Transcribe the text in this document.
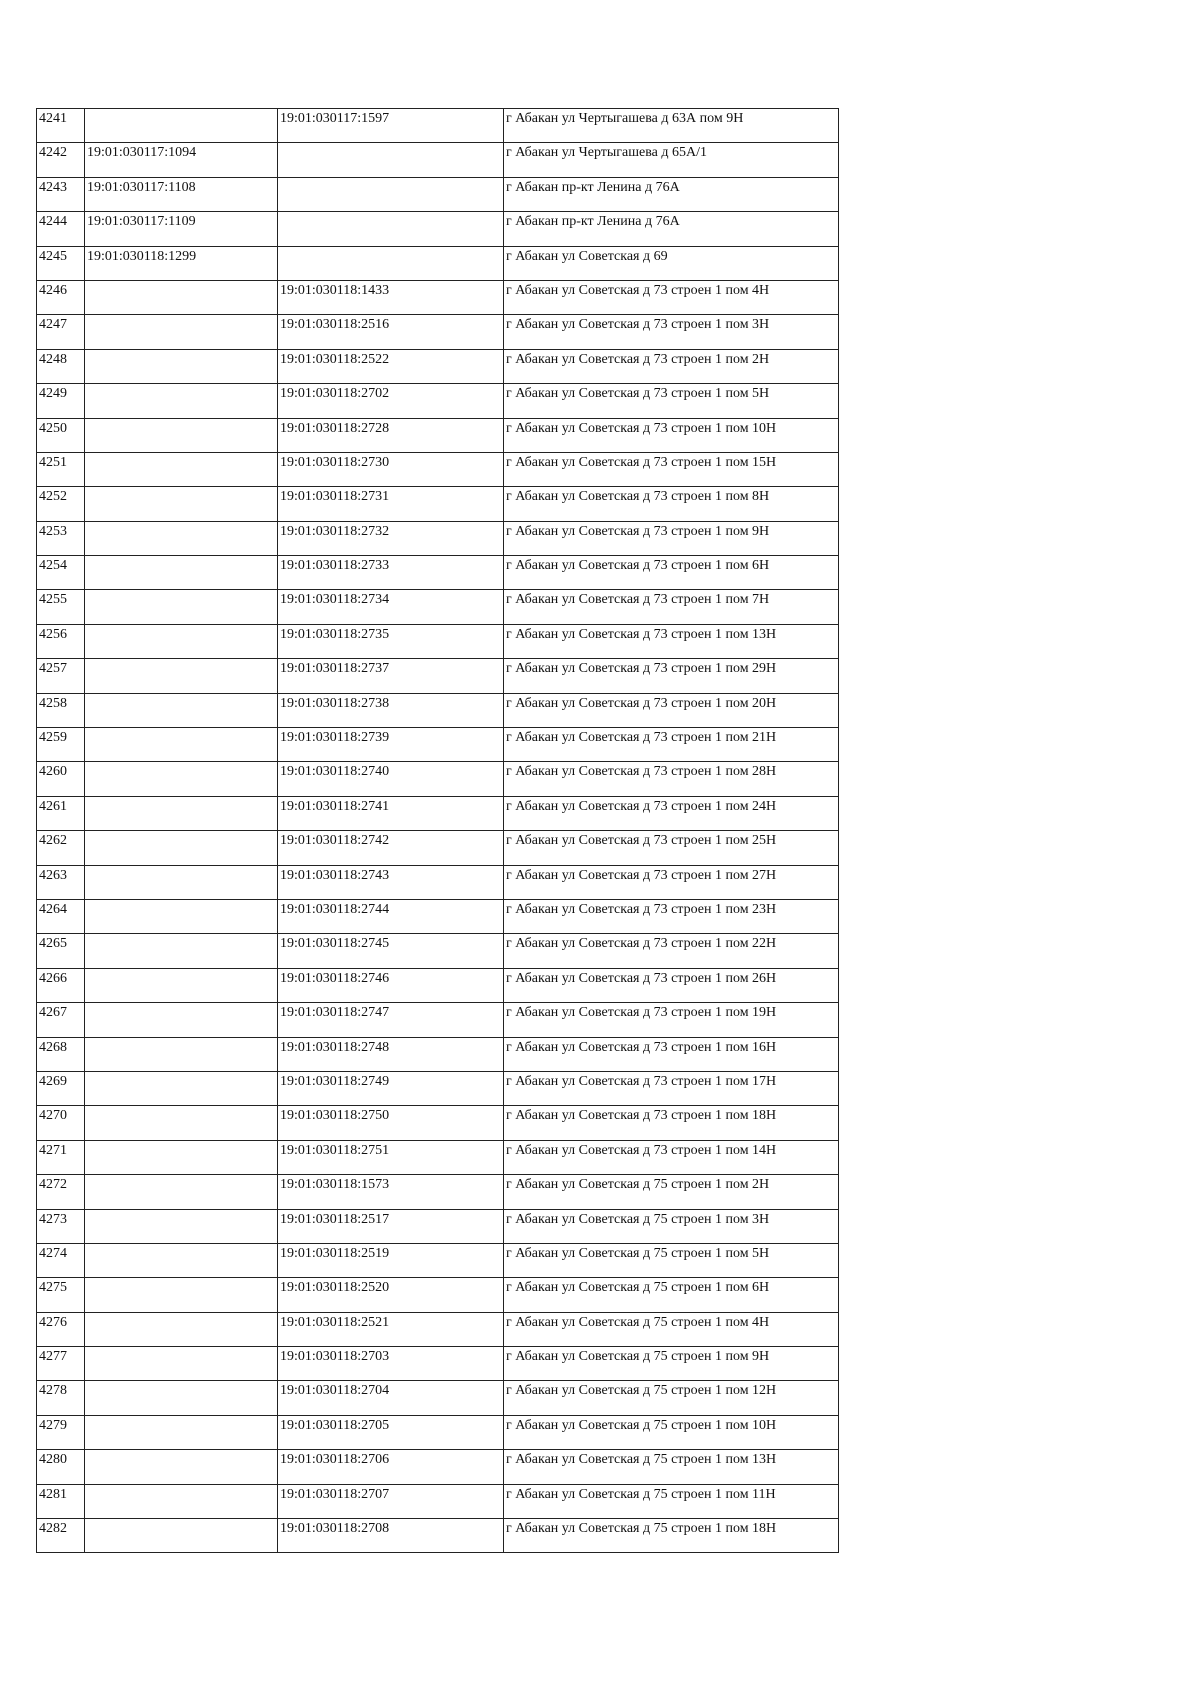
4241		19:01:030117:1597	г Абакан ул Чертыгашева д 63А пом 9Н
4242	19:01:030117:1094		г Абакан ул Чертыгашева д 65А/1
4243	19:01:030117:1108		г Абакан пр-кт Ленина д 76А
4244	19:01:030117:1109		г Абакан пр-кт Ленина д 76А
4245	19:01:030118:1299		г Абакан ул Советская д 69
4246		19:01:030118:1433	г Абакан ул Советская д 73 строен 1 пом 4Н
4247		19:01:030118:2516	г Абакан ул Советская д 73 строен 1 пом 3Н
4248		19:01:030118:2522	г Абакан ул Советская д 73 строен 1 пом 2Н
4249		19:01:030118:2702	г Абакан ул Советская д 73 строен 1 пом 5Н
4250		19:01:030118:2728	г Абакан ул Советская д 73 строен 1 пом 10Н
4251		19:01:030118:2730	г Абакан ул Советская д 73 строен 1 пом 15Н
4252		19:01:030118:2731	г Абакан ул Советская д 73 строен 1 пом 8Н
4253		19:01:030118:2732	г Абакан ул Советская д 73 строен 1 пом 9Н
4254		19:01:030118:2733	г Абакан ул Советская д 73 строен 1 пом 6Н
4255		19:01:030118:2734	г Абакан ул Советская д 73 строен 1 пом 7Н
4256		19:01:030118:2735	г Абакан ул Советская д 73 строен 1 пом 13Н
4257		19:01:030118:2737	г Абакан ул Советская д 73 строен 1 пом 29Н
4258		19:01:030118:2738	г Абакан ул Советская д 73 строен 1 пом 20Н
4259		19:01:030118:2739	г Абакан ул Советская д 73 строен 1 пом 21Н
4260		19:01:030118:2740	г Абакан ул Советская д 73 строен 1 пом 28Н
4261		19:01:030118:2741	г Абакан ул Советская д 73 строен 1 пом 24Н
4262		19:01:030118:2742	г Абакан ул Советская д 73 строен 1 пом 25Н
4263		19:01:030118:2743	г Абакан ул Советская д 73 строен 1 пом 27Н
4264		19:01:030118:2744	г Абакан ул Советская д 73 строен 1 пом 23Н
4265		19:01:030118:2745	г Абакан ул Советская д 73 строен 1 пом 22Н
4266		19:01:030118:2746	г Абакан ул Советская д 73 строен 1 пом 26Н
4267		19:01:030118:2747	г Абакан ул Советская д 73 строен 1 пом 19Н
4268		19:01:030118:2748	г Абакан ул Советская д 73 строен 1 пом 16Н
4269		19:01:030118:2749	г Абакан ул Советская д 73 строен 1 пом 17Н
4270		19:01:030118:2750	г Абакан ул Советская д 73 строен 1 пом 18Н
4271		19:01:030118:2751	г Абакан ул Советская д 73 строен 1 пом 14Н
4272		19:01:030118:1573	г Абакан ул Советская д 75 строен 1 пом 2Н
4273		19:01:030118:2517	г Абакан ул Советская д 75 строен 1 пом 3Н
4274		19:01:030118:2519	г Абакан ул Советская д 75 строен 1 пом 5Н
4275		19:01:030118:2520	г Абакан ул Советская д 75 строен 1 пом 6Н
4276		19:01:030118:2521	г Абакан ул Советская д 75 строен 1 пом 4Н
4277		19:01:030118:2703	г Абакан ул Советская д 75 строен 1 пом 9Н
4278		19:01:030118:2704	г Абакан ул Советская д 75 строен 1 пом 12Н
4279		19:01:030118:2705	г Абакан ул Советская д 75 строен 1 пом 10Н
4280		19:01:030118:2706	г Абакан ул Советская д 75 строен 1 пом 13Н
4281		19:01:030118:2707	г Абакан ул Советская д 75 строен 1 пом 11Н
4282		19:01:030118:2708	г Абакан ул Советская д 75 строен 1 пом 18Н
